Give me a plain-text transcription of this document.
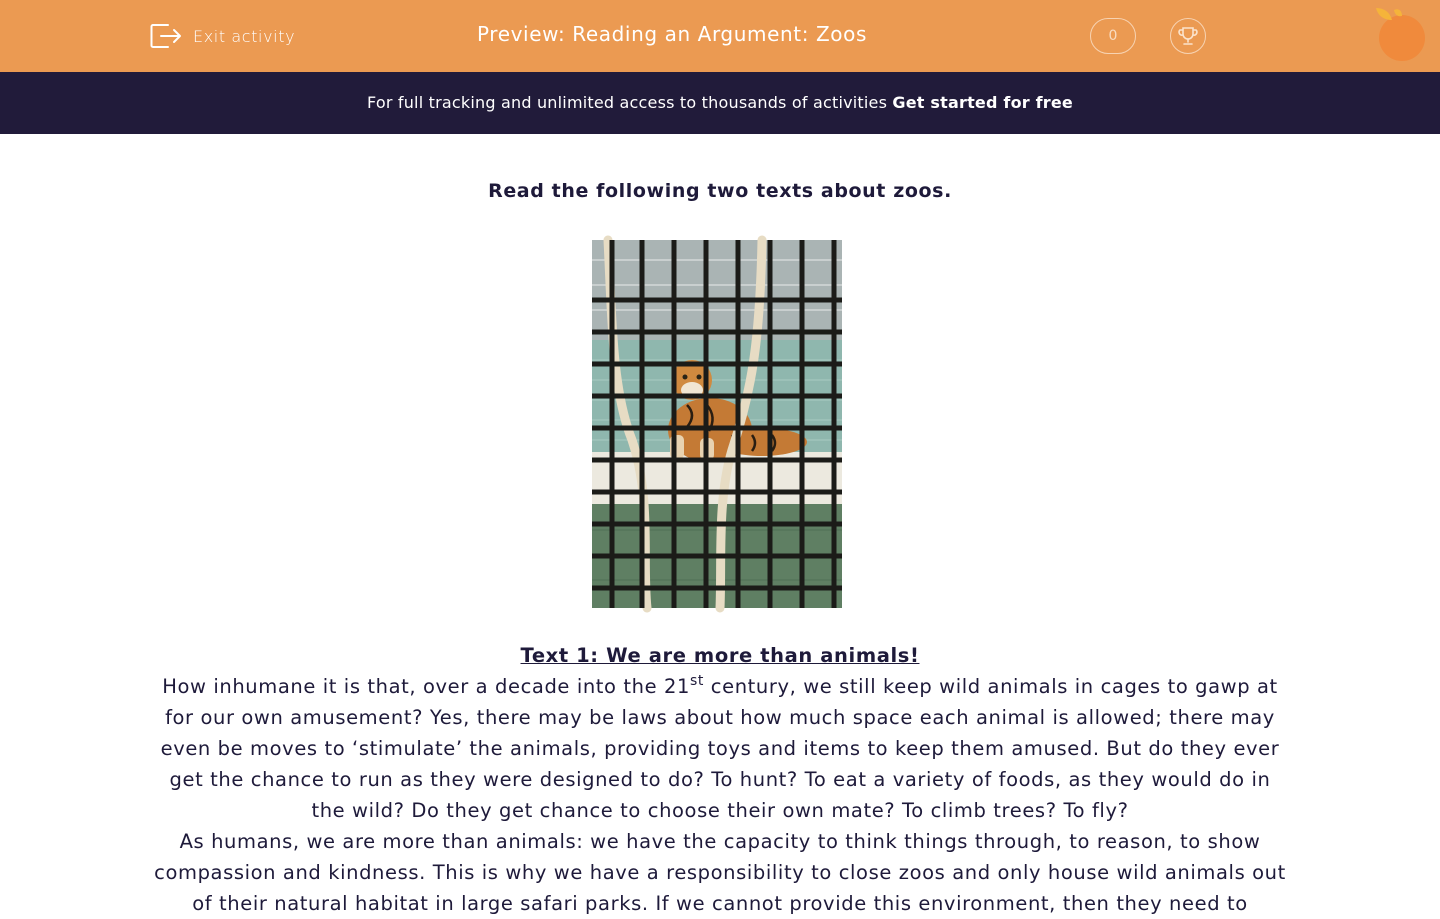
Exit activity	Preview: Reading an Argument: Zoos	0
For full tracking and unlimited access to thousands of activities Get started for free
Read the following two texts about zoos.
Text 1: We are more than animals!
How inhumane it is that, over a decade into the 21st century, we still keep wild animals in cages to gawp at for our own amusement? Yes, there may be laws about how much space each animal is allowed; there may even be moves to ‘stimulate’ the animals, providing toys and items to keep them amused. But do they ever get the chance to run as they were designed to do? To hunt? To eat a variety of foods, as they would do in the wild? Do they get chance to choose their own mate? To climb trees? To fly?
As humans, we are more than animals: we have the capacity to think things through, to reason, to show compassion and kindness. This is why we have a responsibility to close zoos and only house wild animals out of their natural habitat in large safari parks. If we cannot provide this environment, then they need to
